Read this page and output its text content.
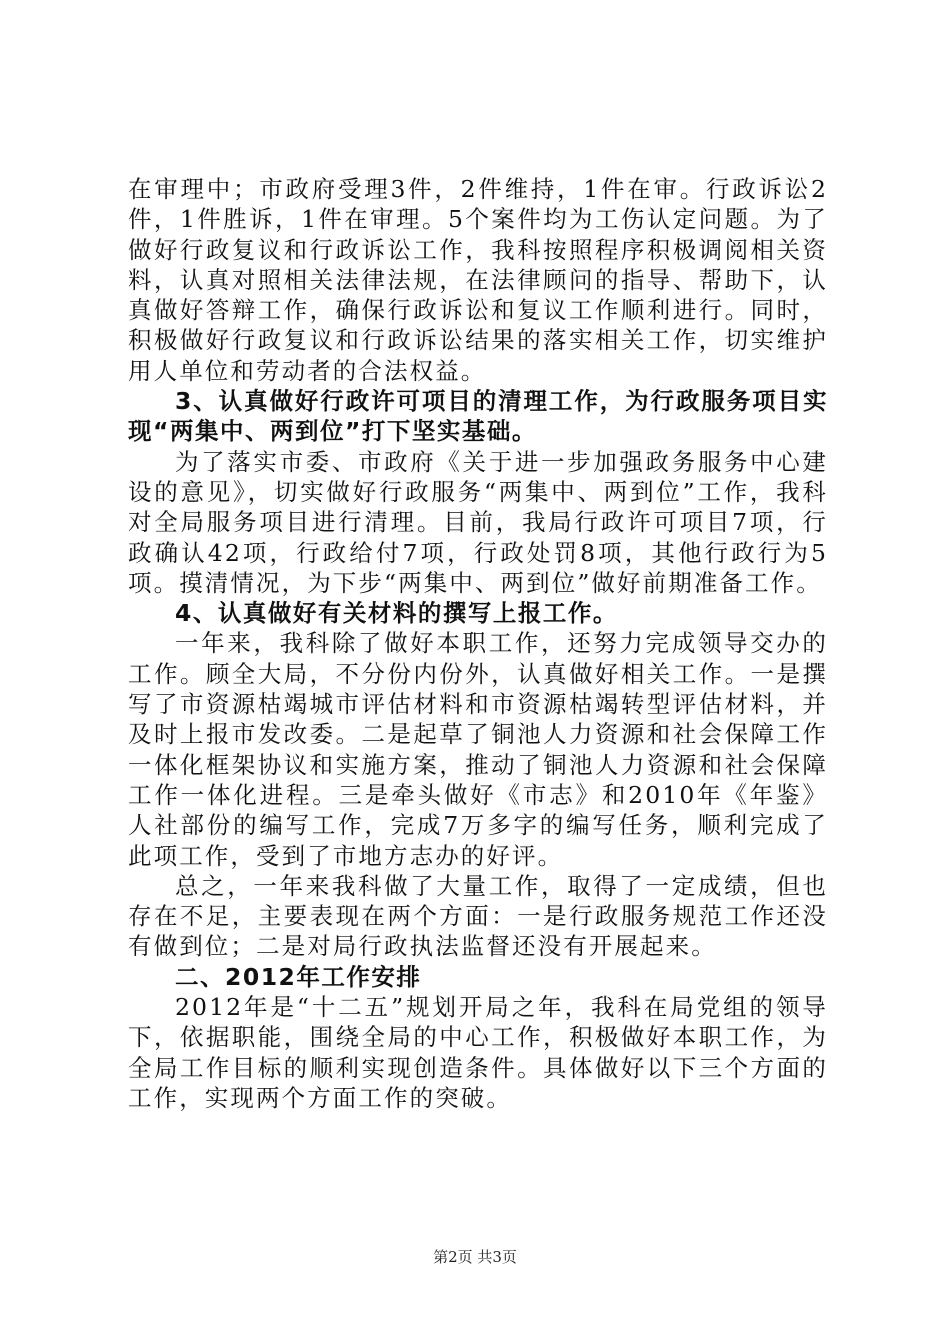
在审理中；市政府受理3件，2件维持，1件在审。行政诉讼2件，1件胜诉，1件在审理。5个案件均为工伤认定问题。为了做好行政复议和行政诉讼工作，我科按照程序积极调阅相关资料，认真对照相关法律法规，在法律顾问的指导、帮助下，认真做好答辩工作，确保行政诉讼和复议工作顺利进行。同时，积极做好行政复议和行政诉讼结果的落实相关工作，切实维护用人单位和劳动者的合法权益。

3、认真做好行政许可项目的清理工作，为行政服务项目实现“两集中、两到位”打下坚实基础。

为了落实市委、市政府《关于进一步加强政务服务中心建设的意见》，切实做好行政服务“两集中、两到位”工作，我科对全局服务项目进行清理。目前，我局行政许可项目7项，行政确认42项，行政给付7项，行政处罚8项，其他行政行为5项。摸清情况，为下步“两集中、两到位”做好前期准备工作。

4、认真做好有关材料的撰写上报工作。

一年来，我科除了做好本职工作，还努力完成领导交办的工作。顾全大局，不分份内份外，认真做好相关工作。一是撰写了市资源枯竭城市评估材料和市资源枯竭转型评估材料，并及时上报市发改委。二是起草了铜池人力资源和社会保障工作一体化框架协议和实施方案，推动了铜池人力资源和社会保障工作一体化进程。三是牵头做好《市志》和2010年《年鉴》人社部份的编写工作，完成7万多字的编写任务，顺利完成了此项工作，受到了市地方志办的好评。

总之，一年来我科做了大量工作，取得了一定成绩，但也存在不足，主要表现在两个方面：一是行政服务规范工作还没有做到位；二是对局行政执法监督还没有开展起来。

二、2012年工作安排

2012年是“十二五”规划开局之年，我科在局党组的领导下，依据职能，围绕全局的中心工作，积极做好本职工作，为全局工作目标的顺利实现创造条件。具体做好以下三个方面的工作，实现两个方面工作的突破。

第2页 共3页
